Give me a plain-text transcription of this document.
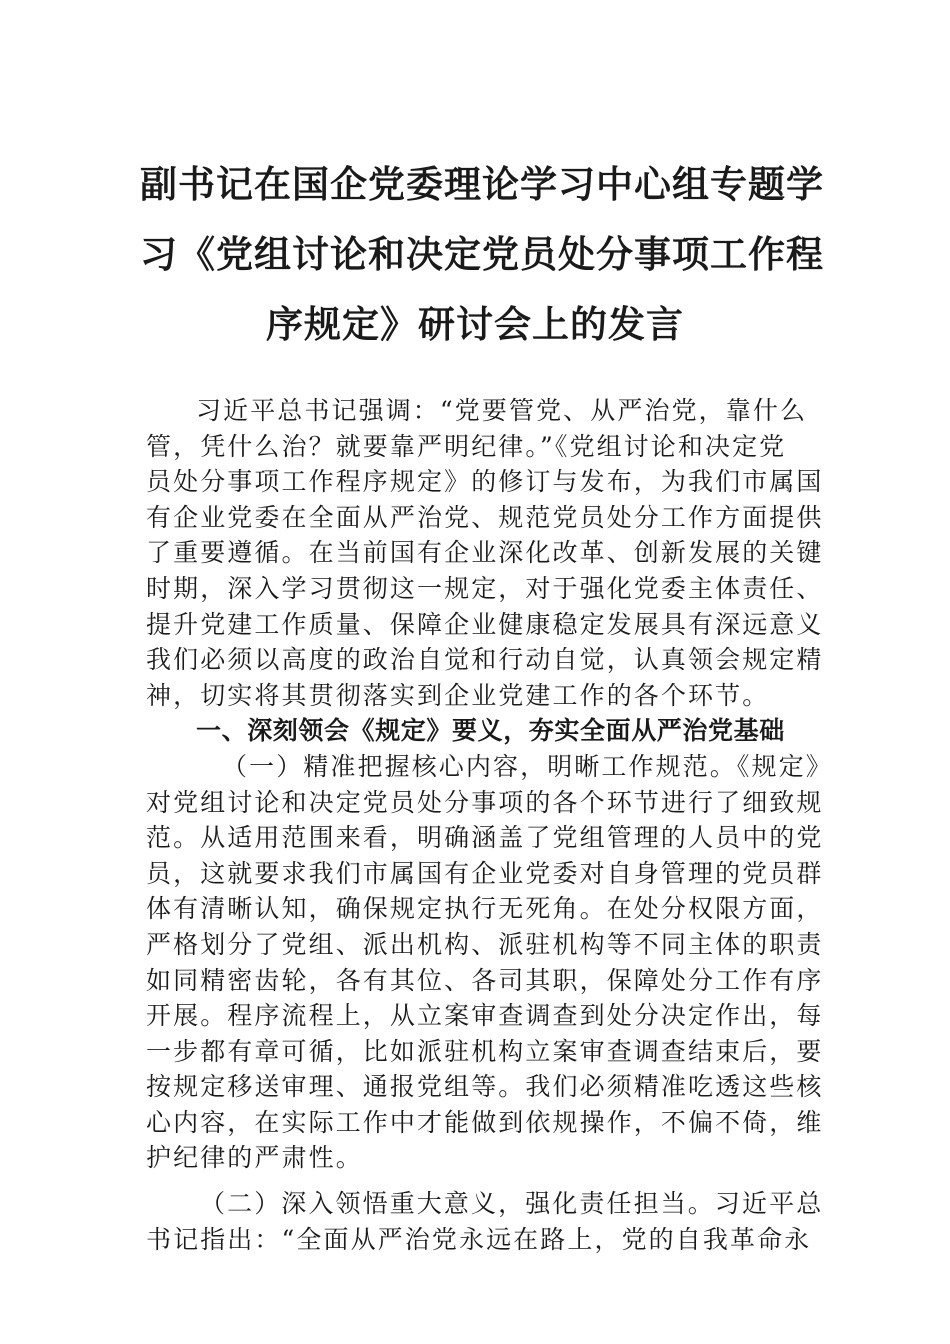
副书记在国企党委理论学习中心组专题学
习《党组讨论和决定党员处分事项工作程
序规定》研讨会上的发言
习近平总书记强调：“党要管党、从严治党，靠什么
管，凭什么治？就要靠严明纪律。”《党组讨论和决定党
员处分事项工作程序规定》的修订与发布，为我们市属国
有企业党委在全面从严治党、规范党员处分工作方面提供
了重要遵循。在当前国有企业深化改革、创新发展的关键
时期，深入学习贯彻这一规定，对于强化党委主体责任、
提升党建工作质量、保障企业健康稳定发展具有深远意义
我们必须以高度的政治自觉和行动自觉，认真领会规定精
神，切实将其贯彻落实到企业党建工作的各个环节。
一、深刻领会《规定》要义，夯实全面从严治党基础
（一）精准把握核心内容，明晰工作规范。《规定》
对党组讨论和决定党员处分事项的各个环节进行了细致规
范。从适用范围来看，明确涵盖了党组管理的人员中的党
员，这就要求我们市属国有企业党委对自身管理的党员群
体有清晰认知，确保规定执行无死角。在处分权限方面，
严格划分了党组、派出机构、派驻机构等不同主体的职责
如同精密齿轮，各有其位、各司其职，保障处分工作有序
开展。程序流程上，从立案审查调查到处分决定作出，每
一步都有章可循，比如派驻机构立案审查调查结束后，要
按规定移送审理、通报党组等。我们必须精准吃透这些核
心内容，在实际工作中才能做到依规操作，不偏不倚，维
护纪律的严肃性。
（二）深入领悟重大意义，强化责任担当。习近平总
书记指出：“全面从严治党永远在路上，党的自我革命永
